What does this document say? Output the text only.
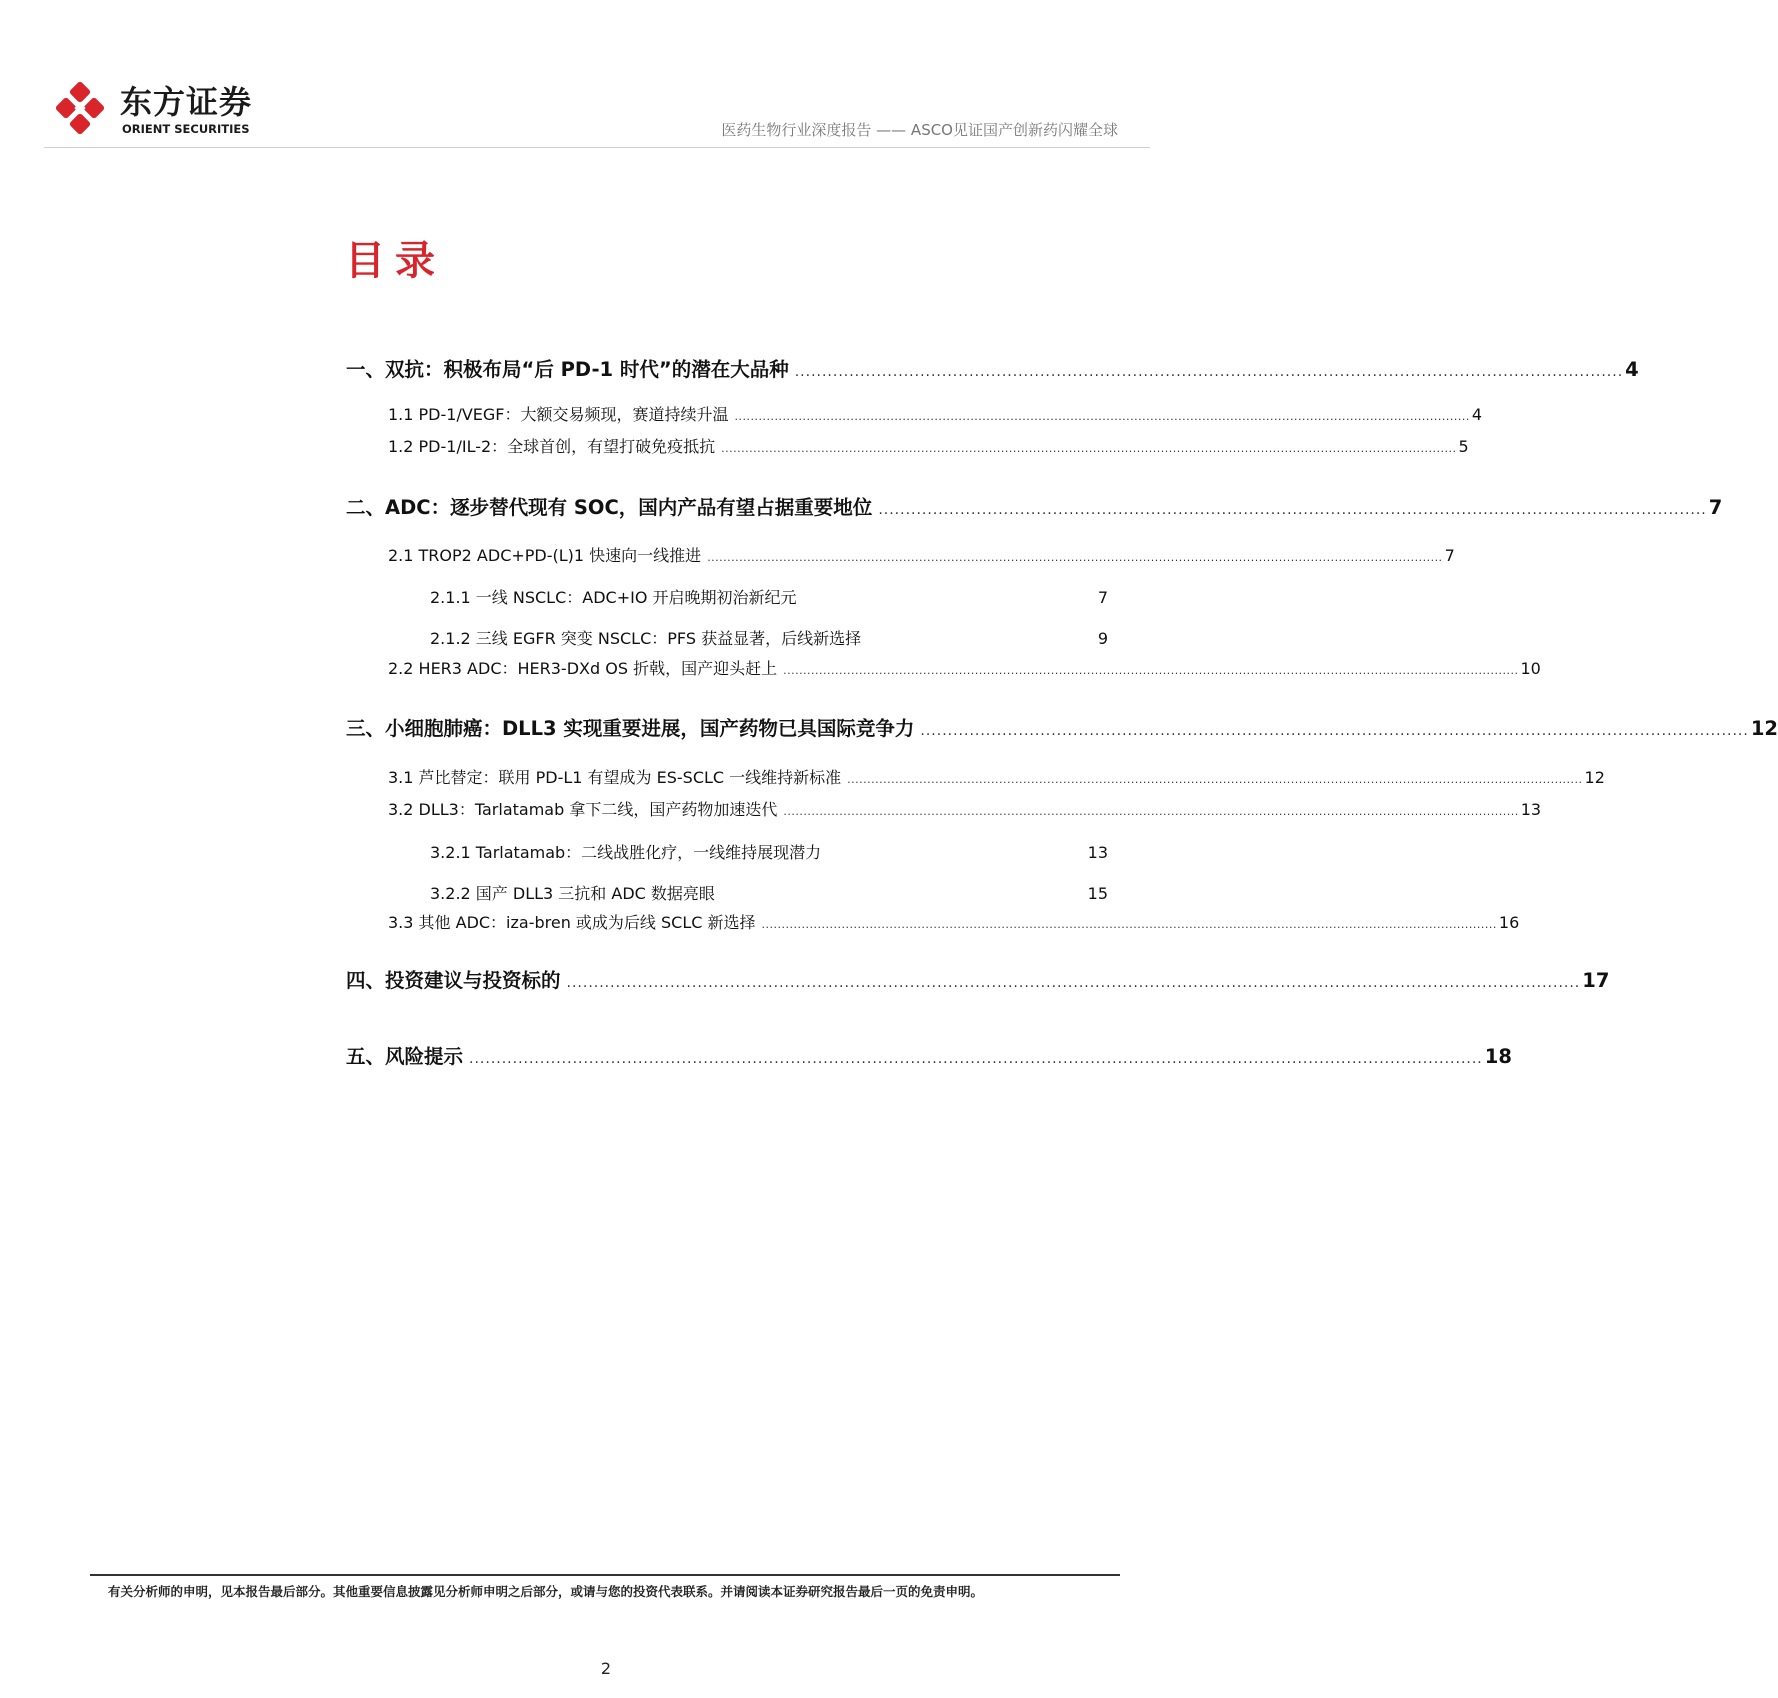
东方证券
ORIENT SECURITIES	医药生物行业深度报告 —— ASCO见证国产创新药闪耀全球
目录
一、双抗：积极布局“后 PD-1 时代”的潜在大品种 ........................................................................................................................................................ 4
1.1 PD-1/VEGF：大额交易频现，赛道持续升温 ........................................................................................................................................................................................ 4
1.2 PD-1/IL-2：全球首创，有望打破免疫抵抗 ........................................................................................................................................................................................ 5
二、ADC：逐步替代现有 SOC，国内产品有望占据重要地位 ........................................................................................................................................................ 7
2.1 TROP2 ADC+PD-(L)1 快速向一线推进 ........................................................................................................................................................................................ 7
2.1.1 一线 NSCLC：ADC+IO 开启晚期初治新纪元	7
2.1.2 三线 EGFR 突变 NSCLC：PFS 获益显著，后线新选择	9
2.2 HER3 ADC：HER3-DXd OS 折戟，国产迎头赶上 ........................................................................................................................................................................................ 10
三、小细胞肺癌：DLL3 实现重要进展，国产药物已具国际竞争力 ........................................................................................................................................................ 12
3.1 芦比替定：联用 PD-L1 有望成为 ES-SCLC 一线维持新标准 ........................................................................................................................................................................................ 12
3.2 DLL3：Tarlatamab 拿下二线，国产药物加速迭代 ........................................................................................................................................................................................ 13
3.2.1 Tarlatamab：二线战胜化疗，一线维持展现潜力	13
3.2.2 国产 DLL3 三抗和 ADC 数据亮眼	15
3.3 其他 ADC：iza-bren 或成为后线 SCLC 新选择 ........................................................................................................................................................................................ 16
四、投资建议与投资标的 .......................................................................................................................................................................................... 17
五、风险提示 .......................................................................................................................................................................................... 18
有关分析师的申明，见本报告最后部分。其他重要信息披露见分析师申明之后部分，或请与您的投资代表联系。并请阅读本证券研究报告最后一页的免责申明。
2
